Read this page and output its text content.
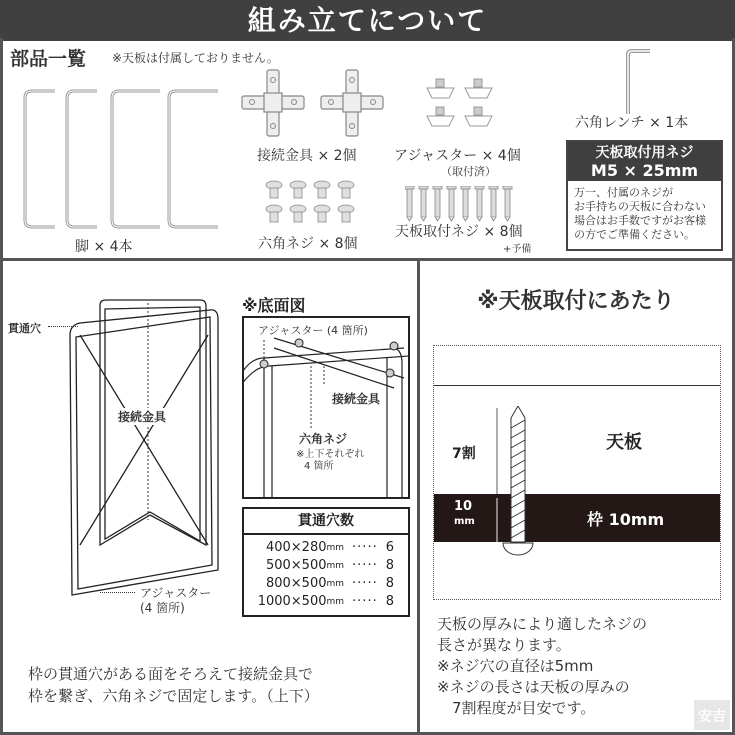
組み立てについて
部品一覧 ※天板は付属しておりません。
脚 × 4本
接続金具 × 2個	アジャスター × 4個
（取付済）
六角レンチ × 1本
六角ネジ × 8個
天板取付ネジ × 8個
+予備
天板取付用ネジ
M5 × 25mm
万一、付属のネジが
お手持ちの天板に合わない
場合はお手数ですがお客様
の方でご準備ください。
貫通穴
接続金具
アジャスター
(4 箇所)
※底面図
アジャスター (4 箇所)
接続金具
六角ネジ
※上下それぞれ
4 箇所
貫通穴数
400×280 mm ····· 6
500×500 mm ····· 8
800×500 mm ····· 8
1000×500 mm ····· 8
枠の貫通穴がある面をそろえて接続金具で
枠を繋ぎ、六角ネジで固定します。（上下）
※天板取付にあたり
7割
天板
10
mm	枠 10mm
天板の厚みにより適したネジの
長さが異なります。
※ネジ穴の直径は5mm
※ネジの長さは天板の厚みの
　7割程度が目安です。	安吉
